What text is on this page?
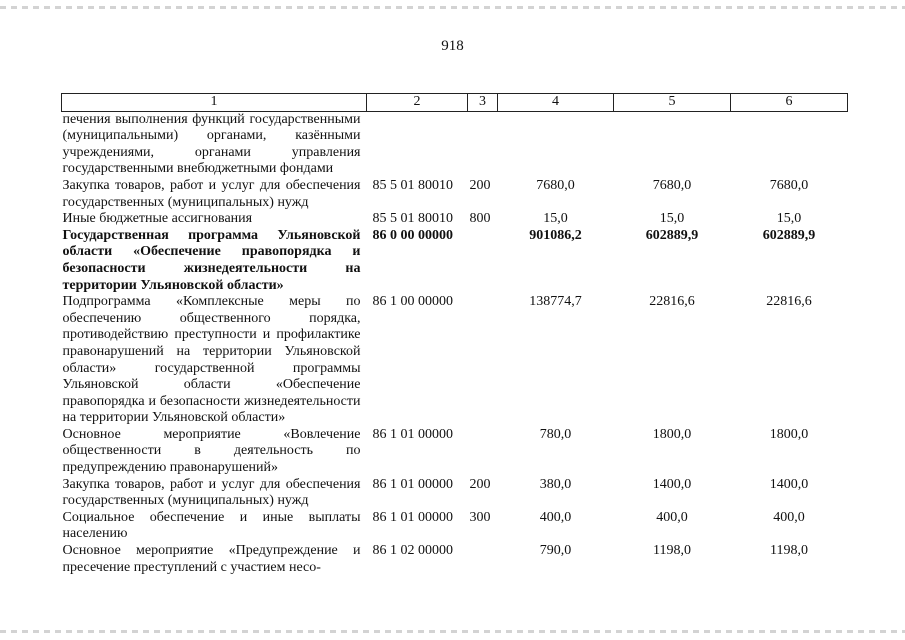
918
1	2	3	4	5	6
печения выполнения функций государственными (муниципальными) органами, казёнными учреждениями, органами управления государственными внебюджетными фондами					
Закупка товаров, работ и услуг для обеспечения государственных (муниципальных) нужд	85 5 01 80010	200	7680,0	7680,0	7680,0
Иные бюджетные ассигнования	85 5 01 80010	800	15,0	15,0	15,0
Государственная программа Ульяновской области «Обеспечение правопорядка и безопасности жизнедеятельности на территории Ульяновской области»	86 0 00 00000		901086,2	602889,9	602889,9
Подпрограмма «Комплексные меры по обеспечению общественного порядка, противодействию преступности и профилактике правонарушений на территории Ульяновской области» государственной программы Ульяновской области «Обеспечение правопорядка и безопасности жизнедеятельности на территории Ульяновской области»	86 1 00 00000		138774,7	22816,6	22816,6
Основное мероприятие «Вовлечение общественности в деятельность по предупреждению правонарушений»	86 1 01 00000		780,0	1800,0	1800,0
Закупка товаров, работ и услуг для обеспечения государственных (муниципальных) нужд	86 1 01 00000	200	380,0	1400,0	1400,0
Социальное обеспечение и иные выплаты населению	86 1 01 00000	300	400,0	400,0	400,0
Основное мероприятие «Предупреждение и пресечение преступлений с участием несо-	86 1 02 00000		790,0	1198,0	1198,0
